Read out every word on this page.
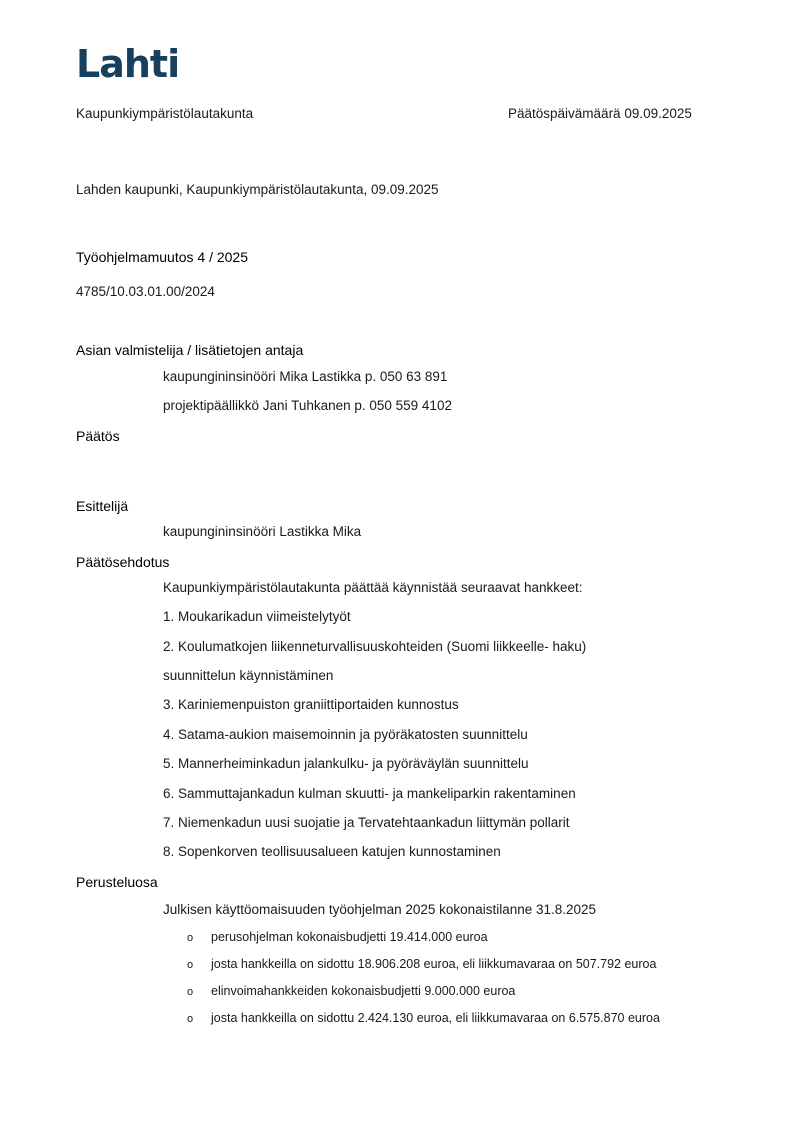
Lahti
Kaupunkiympäristölautakunta	Päätöspäivämäärä 09.09.2025
Lahden kaupunki, Kaupunkiympäristölautakunta, 09.09.2025
Työohjelmamuutos 4 / 2025
4785/10.03.01.00/2024
Asian valmistelija / lisätietojen antaja
kaupungininsinööri Mika Lastikka p. 050 63 891
projektipäällikkö Jani Tuhkanen p. 050 559 4102
Päätös
Esittelijä
kaupungininsinööri Lastikka Mika
Päätösehdotus
Kaupunkiympäristölautakunta päättää käynnistää seuraavat hankkeet:
1. Moukarikadun viimeistelytyöt
2. Koulumatkojen liikenneturvallisuuskohteiden (Suomi liikkeelle- haku)
suunnittelun käynnistäminen
3. Kariniemenpuiston graniittiportaiden kunnostus
4. Satama-aukion maisemoinnin ja pyöräkatosten suunnittelu
5. Mannerheiminkadun jalankulku- ja pyöräväylän suunnittelu
6. Sammuttajankadun kulman skuutti- ja mankeliparkin rakentaminen
7. Niemenkadun uusi suojatie ja Tervatehtaankadun liittymän pollarit
8. Sopenkorven teollisuusalueen katujen kunnostaminen
Perusteluosa
Julkisen käyttöomaisuuden työohjelman 2025 kokonaistilanne 31.8.2025
o perusohjelman kokonaisbudjetti 19.414.000 euroa
o josta hankkeilla on sidottu 18.906.208 euroa, eli liikkumavaraa on 507.792 euroa
o elinvoimahankkeiden kokonaisbudjetti 9.000.000 euroa
o josta hankkeilla on sidottu 2.424.130 euroa, eli liikkumavaraa on 6.575.870 euroa
